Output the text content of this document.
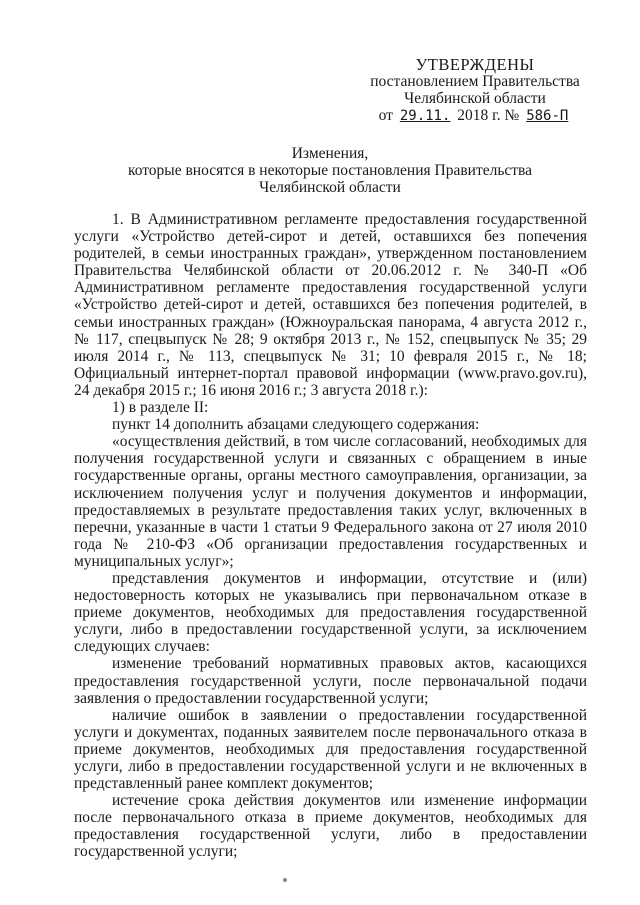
УТВЕРЖДЕНЫ
постановлением Правительства
Челябинской области
от 29.11. 2018 г. № 586-П
Изменения,
которые вносятся в некоторые постановления Правительства
Челябинской области

1. В Административном регламенте предоставления государственной услуги «Устройство детей-сирот и детей, оставшихся без попечения родителей, в семьи иностранных граждан», утвержденном постановлением Правительства Челябинской области от 20.06.2012 г. № 340-П «Об Административном регламенте предоставления государственной услуги «Устройство детей-сирот и детей, оставшихся без попечения родителей, в семьи иностранных граждан» (Южноуральская панорама, 4 августа 2012 г., № 117, спецвыпуск № 28; 9 октября 2013 г., № 152, спецвыпуск № 35; 29 июля 2014 г., № 113, спецвыпуск № 31; 10 февраля 2015 г., № 18; Официальный интернет-портал правовой информации (www.pravo.gov.ru), 24 декабря 2015 г.; 16 июня 2016 г.; 3 августа 2018 г.):

1) в разделе II:

пункт 14 дополнить абзацами следующего содержания:

«осуществления действий, в том числе согласований, необходимых для получения государственной услуги и связанных с обращением в иные государственные органы, органы местного самоуправления, организации, за исключением получения услуг и получения документов и информации, предоставляемых в результате предоставления таких услуг, включенных в перечни, указанные в части 1 статьи 9 Федерального закона от 27 июля 2010 года № 210-ФЗ «Об организации предоставления государственных и муниципальных услуг»;

представления документов и информации, отсутствие и (или) недостоверность которых не указывались при первоначальном отказе в приеме документов, необходимых для предоставления государственной услуги, либо в предоставлении государственной услуги, за исключением следующих случаев:

изменение требований нормативных правовых актов, касающихся предоставления государственной услуги, после первоначальной подачи заявления о предоставлении государственной услуги;

наличие ошибок в заявлении о предоставлении государственной услуги и документах, поданных заявителем после первоначального отказа в приеме документов, необходимых для предоставления государственной услуги, либо в предоставлении государственной услуги и не включенных в представленный ранее комплект документов;

истечение срока действия документов или изменение информации после первоначального отказа в приеме документов, необходимых для предоставления государственной услуги, либо в предоставлении государственной услуги;
